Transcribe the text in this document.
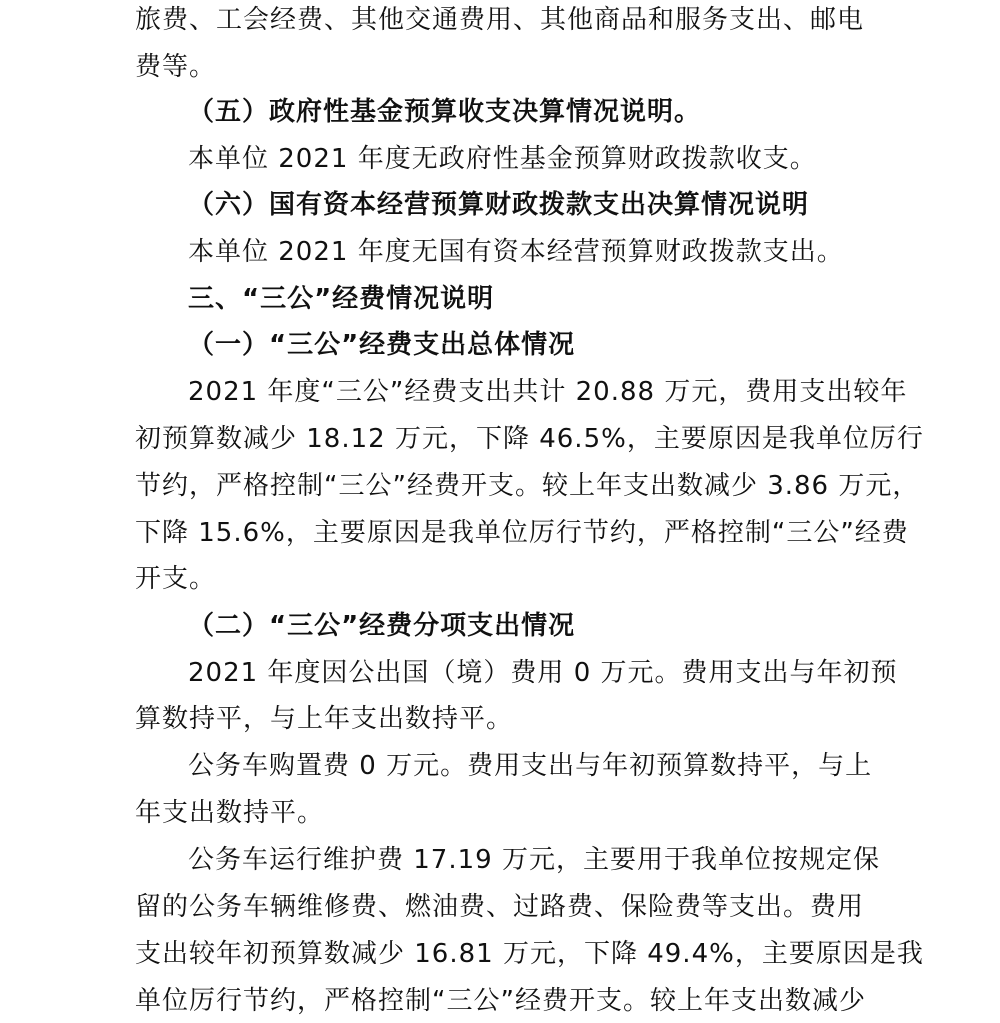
旅费、工会经费、其他交通费用、其他商品和服务支出、邮电
费等。
（五）政府性基金预算收支决算情况说明。
本单位 2021 年度无政府性基金预算财政拨款收支。
（六）国有资本经营预算财政拨款支出决算情况说明
本单位 2021 年度无国有资本经营预算财政拨款支出。
三、“三公”经费情况说明
（一）“三公”经费支出总体情况
2021 年度“三公”经费支出共计 20.88 万元，费用支出较年
初预算数减少 18.12 万元，下降 46.5%，主要原因是我单位厉行
节约，严格控制“三公”经费开支。较上年支出数减少 3.86 万元，
下降 15.6%，主要原因是我单位厉行节约，严格控制“三公”经费
开支。
（二）“三公”经费分项支出情况
2021 年度因公出国（境）费用 0 万元。费用支出与年初预
算数持平，与上年支出数持平。
公务车购置费 0 万元。费用支出与年初预算数持平，与上
年支出数持平。
公务车运行维护费 17.19 万元，主要用于我单位按规定保
留的公务车辆维修费、燃油费、过路费、保险费等支出。费用
支出较年初预算数减少 16.81 万元，下降 49.4%，主要原因是我
单位厉行节约，严格控制“三公”经费开支。较上年支出数减少
